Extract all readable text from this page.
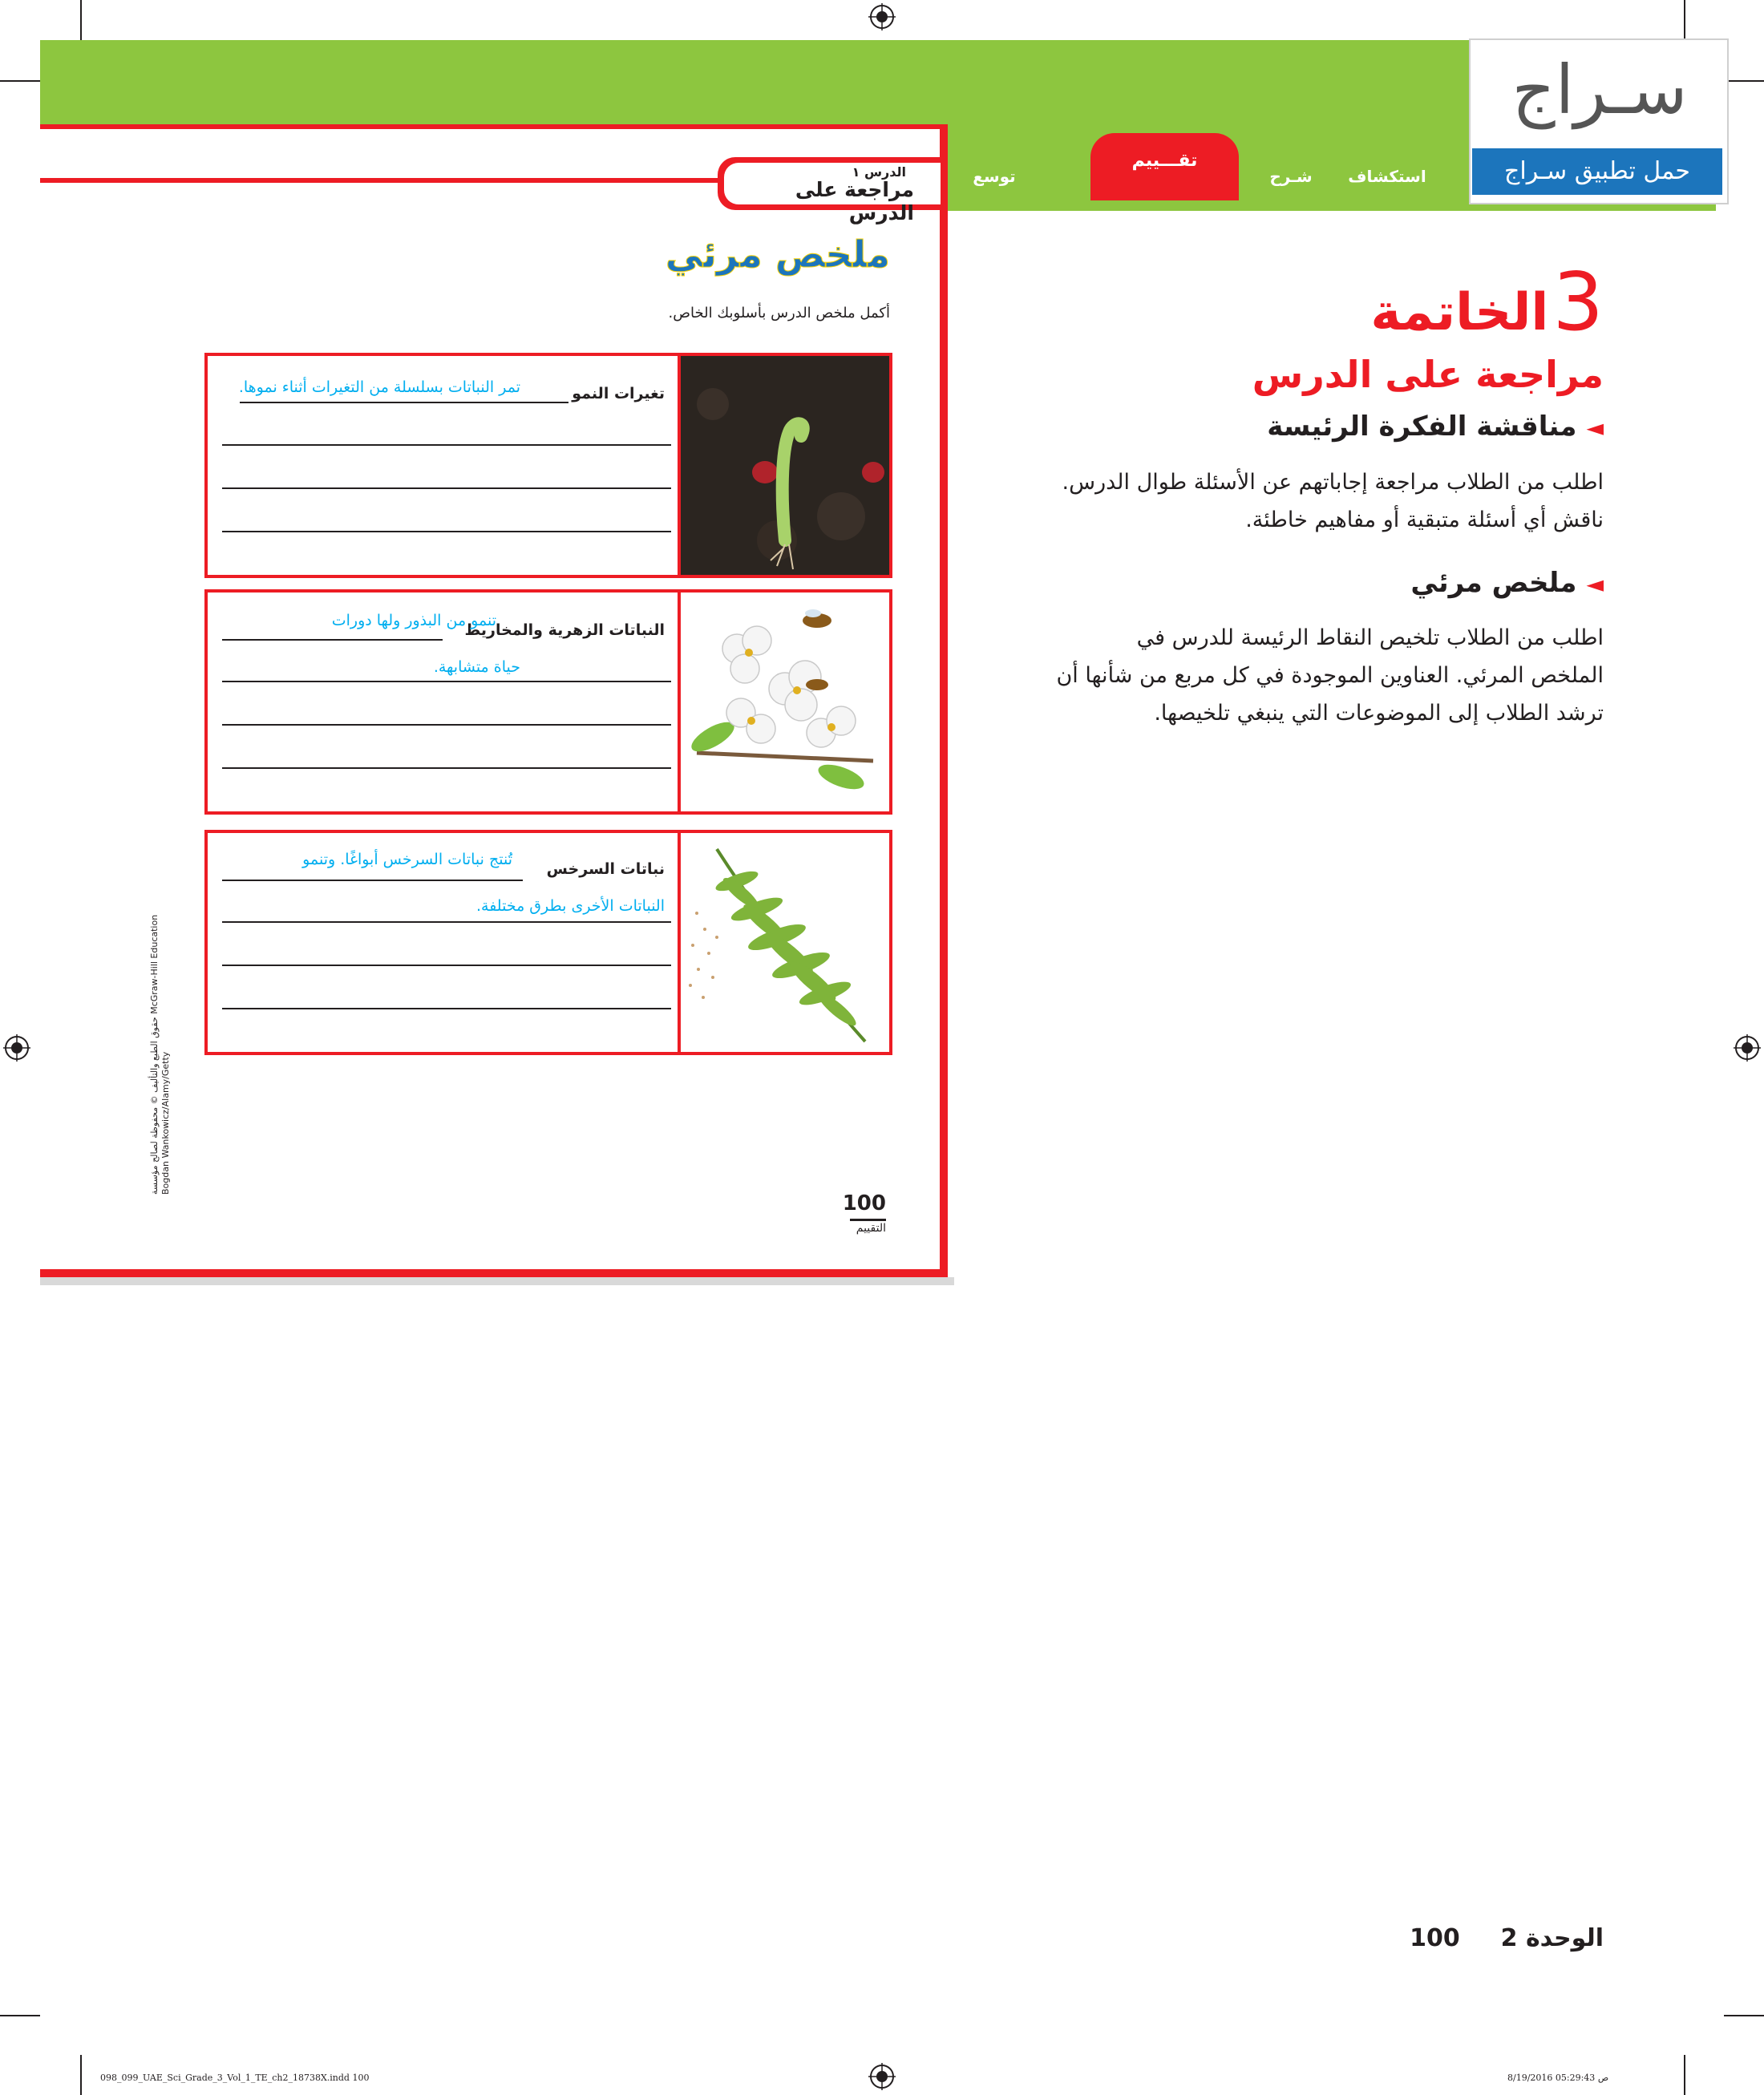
توسع
تقـــييم
شـرح	استكشاف
سـراج
حمل تطبيق سـراج
الدرس ١
مراجعة على الدرس
ملخص مرئي
أكمل ملخص الدرس بأسلوبك الخاص.
تغيرات النمو
تمر النباتات بسلسلة من التغيرات أثناء نموها.
النباتات الزهرية والمخاريط
تنمو من البذور ولها دورات
حياة متشابهة.
نباتات السرخس
تُنتج نباتات السرخس أبواغًا. وتنمو
النباتات الأخرى بطرق مختلفة.
حقوق الطبع والتأليف © محفوظة لصالح مؤسسة McGraw-Hill Education
Bogdan Wankowicz/Alamy/Getty
100
التقييم
3 الخاتمة
مراجعة على الدرس
◄مناقشة الفكرة الرئيسة
اطلب من الطلاب مراجعة إجاباتهم عن الأسئلة طوال الدرس.
ناقش أي أسئلة متبقية أو مفاهيم خاطئة.
◄ملخص مرئي
اطلب من الطلاب تلخيص النقاط الرئيسة للدرس في
الملخص المرئي. العناوين الموجودة في كل مربع من شأنها أن
ترشد الطلاب إلى الموضوعات التي ينبغي تلخيصها.
الوحدة 2  100
098_099_UAE_Sci_Grade_3_Vol_1_TE_ch2_18738X.indd 100	8/19/2016 05:29:43 ص
